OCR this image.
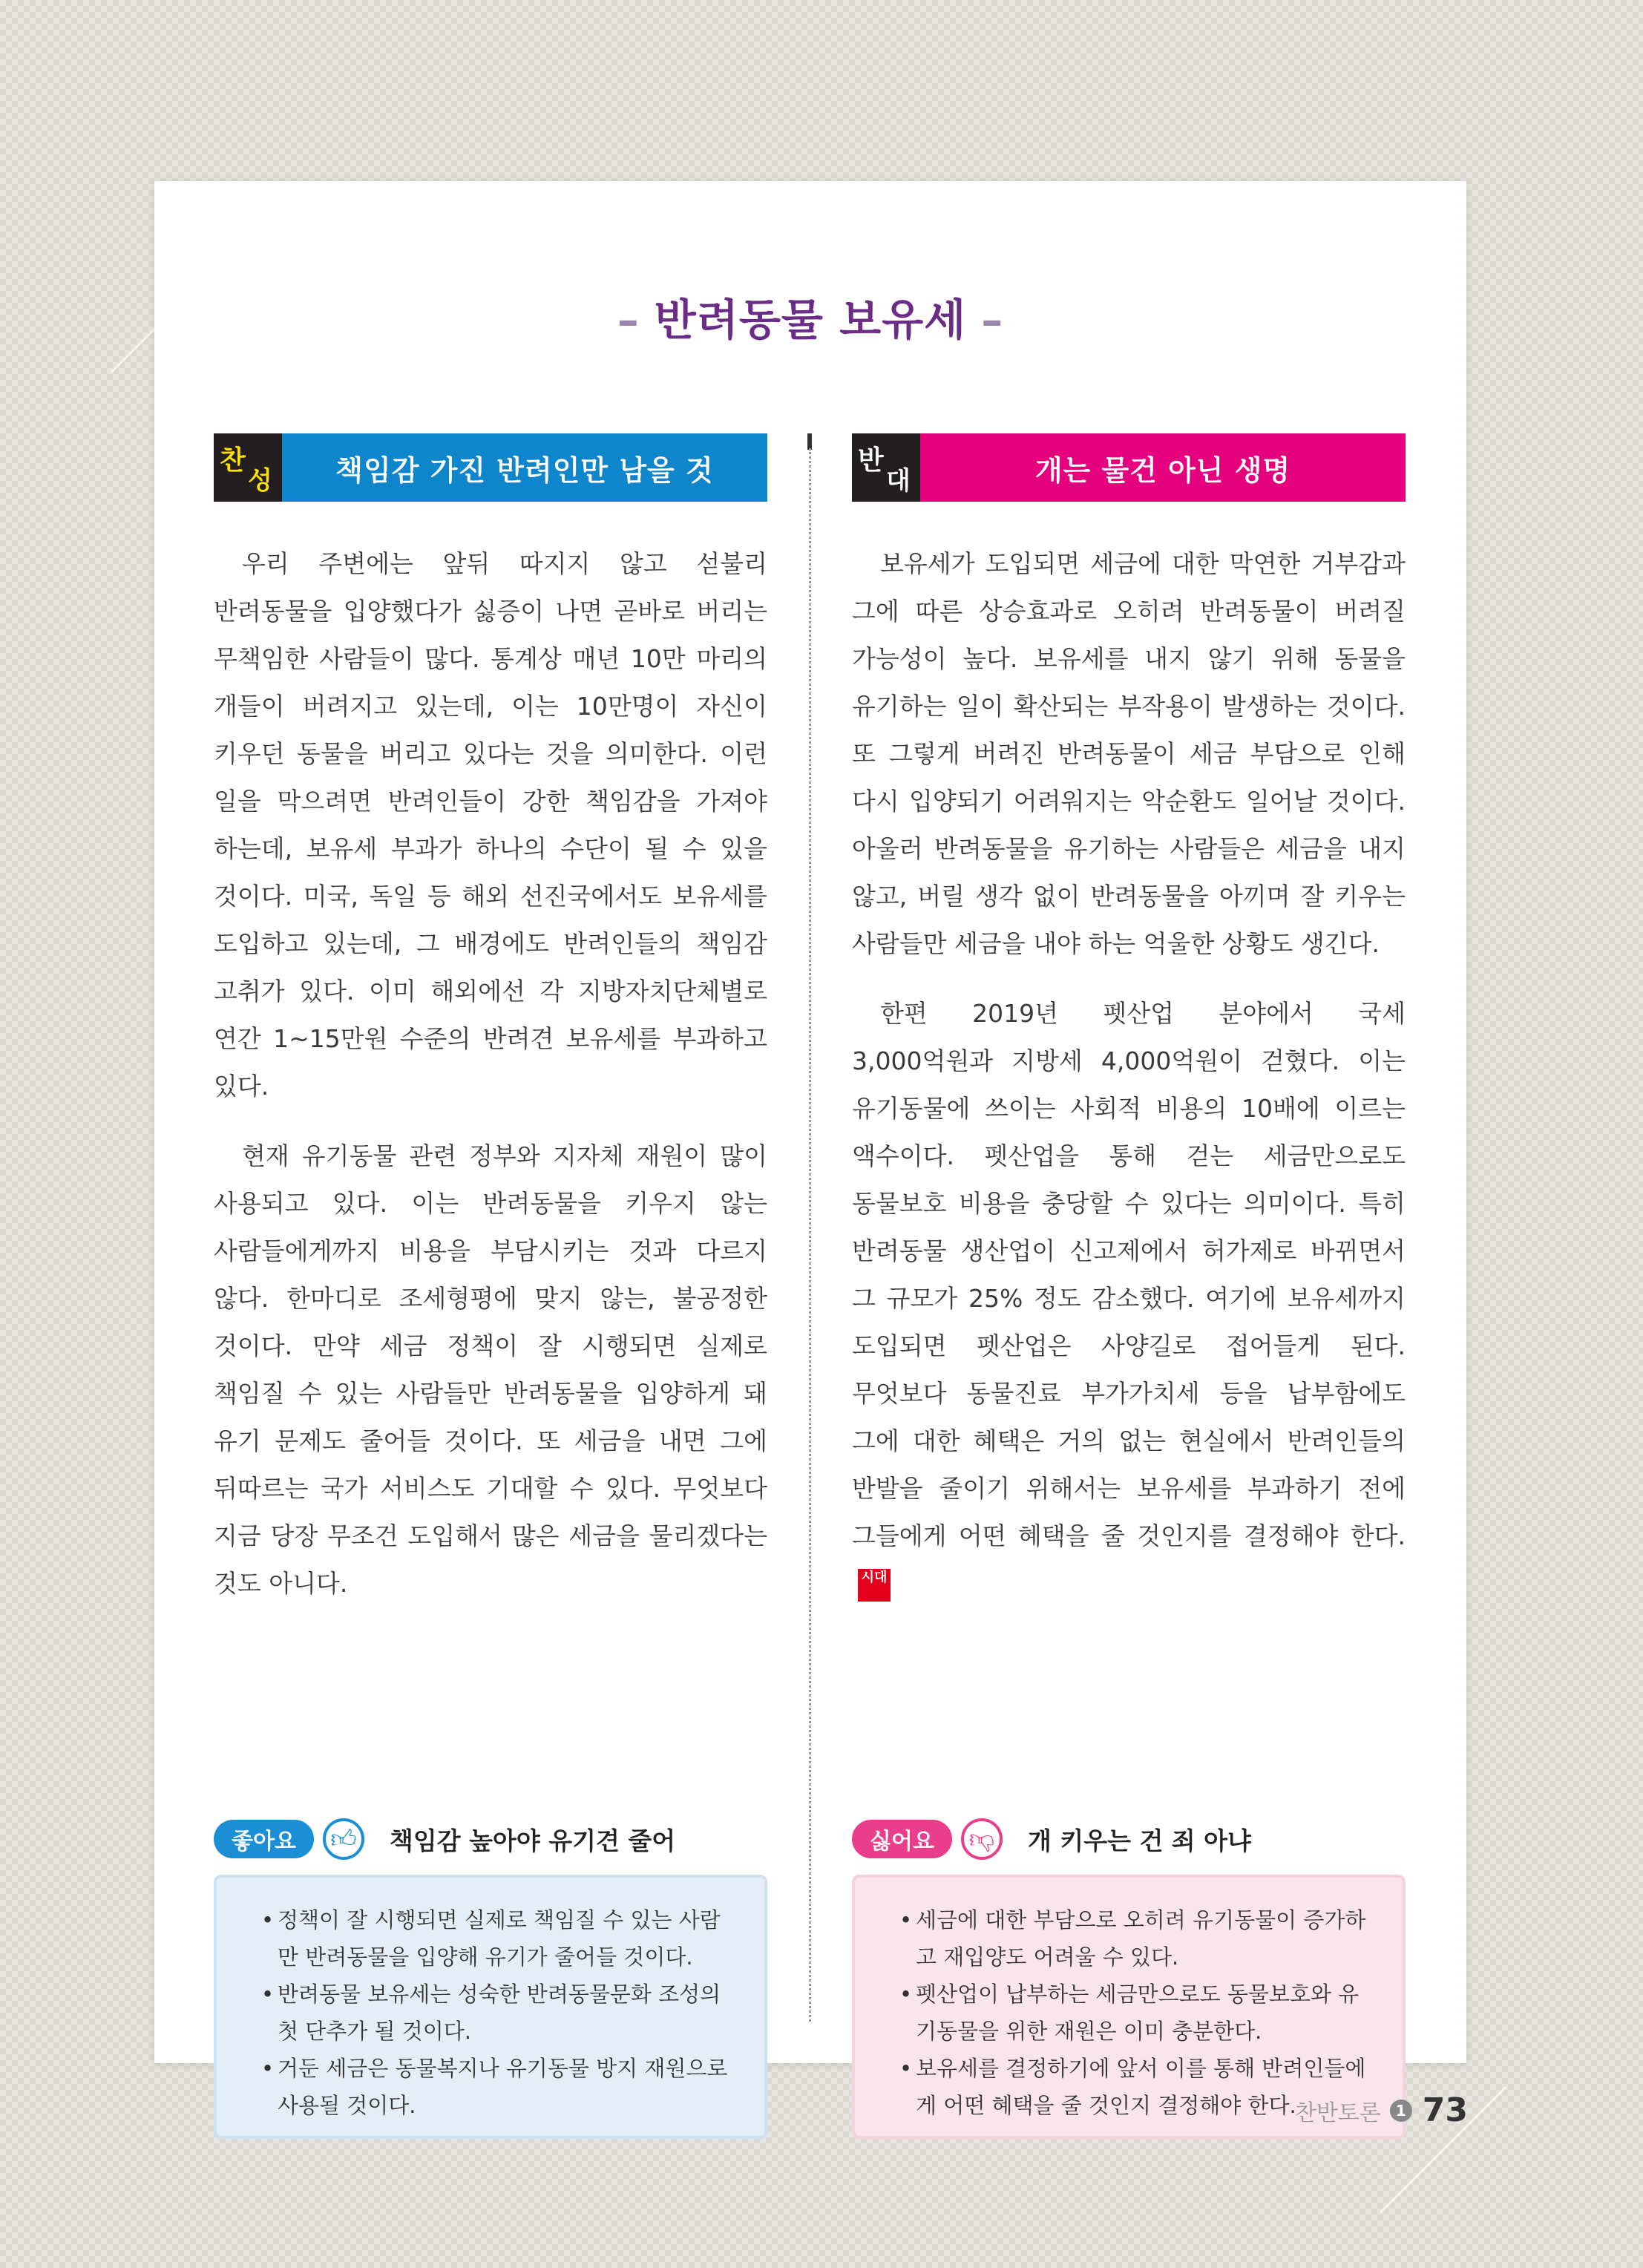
– 반려동물 보유세 –
찬
성	책임감 가진 반려인만 남을 것

우리 주변에는 앞뒤 따지지 않고 섣불리 반려동물을 입양했다가 싫증이 나면 곧바로 버리는 무책임한 사람들이 많다. 통계상 매년 10만 마리의 개들이 버려지고 있는데, 이는 10만명이 자신이 키우던 동물을 버리고 있다는 것을 의미한다. 이런 일을 막으려면 반려인들이 강한 책임감을 가져야 하는데, 보유세 부과가 하나의 수단이 될 수 있을 것이다. 미국, 독일 등 해외 선진국에서도 보유세를 도입하고 있는데, 그 배경에도 반려인들의 책임감 고취가 있다. 이미 해외에선 각 지방자치단체별로 연간 1~15만원 수준의 반려견 보유세를 부과하고 있다.

현재 유기동물 관련 정부와 지자체 재원이 많이 사용되고 있다. 이는 반려동물을 키우지 않는 사람들에게까지 비용을 부담시키는 것과 다르지 않다. 한마디로 조세형평에 맞지 않는, 불공정한 것이다. 만약 세금 정책이 잘 시행되면 실제로 책임질 수 있는 사람들만 반려동물을 입양하게 돼 유기 문제도 줄어들 것이다. 또 세금을 내면 그에 뒤따르는 국가 서비스도 기대할 수 있다. 무엇보다 지금 당장 무조건 도입해서 많은 세금을 물리겠다는 것도 아니다.

반
대	개는 물건 아닌 생명

보유세가 도입되면 세금에 대한 막연한 거부감과 그에 따른 상승효과로 오히려 반려동물이 버려질 가능성이 높다. 보유세를 내지 않기 위해 동물을 유기하는 일이 확산되는 부작용이 발생하는 것이다. 또 그렇게 버려진 반려동물이 세금 부담으로 인해 다시 입양되기 어려워지는 악순환도 일어날 것이다. 아울러 반려동물을 유기하는 사람들은 세금을 내지 않고, 버릴 생각 없이 반려동물을 아끼며 잘 키우는 사람들만 세금을 내야 하는 억울한 상황도 생긴다.

한편 2019년 펫산업 분야에서 국세 3,000억원과 지방세 4,000억원이 걷혔다. 이는 유기동물에 쓰이는 사회적 비용의 10배에 이르는 액수이다. 펫산업을 통해 걷는 세금만으로도 동물보호 비용을 충당할 수 있다는 의미이다. 특히 반려동물 생산업이 신고제에서 허가제로 바뀌면서 그 규모가 25% 정도 감소했다. 여기에 보유세까지 도입되면 펫산업은 사양길로 접어들게 된다. 무엇보다 동물진료 부가가치세 등을 납부함에도 그에 대한 혜택은 거의 없는 현실에서 반려인들의 반발을 줄이기 위해서는 보유세를 부과하기 전에 그들에게 어떤 혜택을 줄 것인지를 결정해야 한다.시대

좋아요	👍︎	책임감 높아야 유기견 줄어
• 정책이 잘 시행되면 실제로 책임질 수 있는 사람만 반려동물을 입양해 유기가 줄어들 것이다.
• 반려동물 보유세는 성숙한 반려동물문화 조성의 첫 단추가 될 것이다.
• 거둔 세금은 동물복지나 유기동물 방지 재원으로 사용될 것이다.
싫어요	👎︎	개 키우는 건 죄 아냐
• 세금에 대한 부담으로 오히려 유기동물이 증가하고 재입양도 어려울 수 있다.
• 펫산업이 납부하는 세금만으로도 동물보호와 유기동물을 위한 재원은 이미 충분한다.
• 보유세를 결정하기에 앞서 이를 통해 반려인들에게 어떤 혜택을 줄 것인지 결정해야 한다.
찬반토론	1 73
